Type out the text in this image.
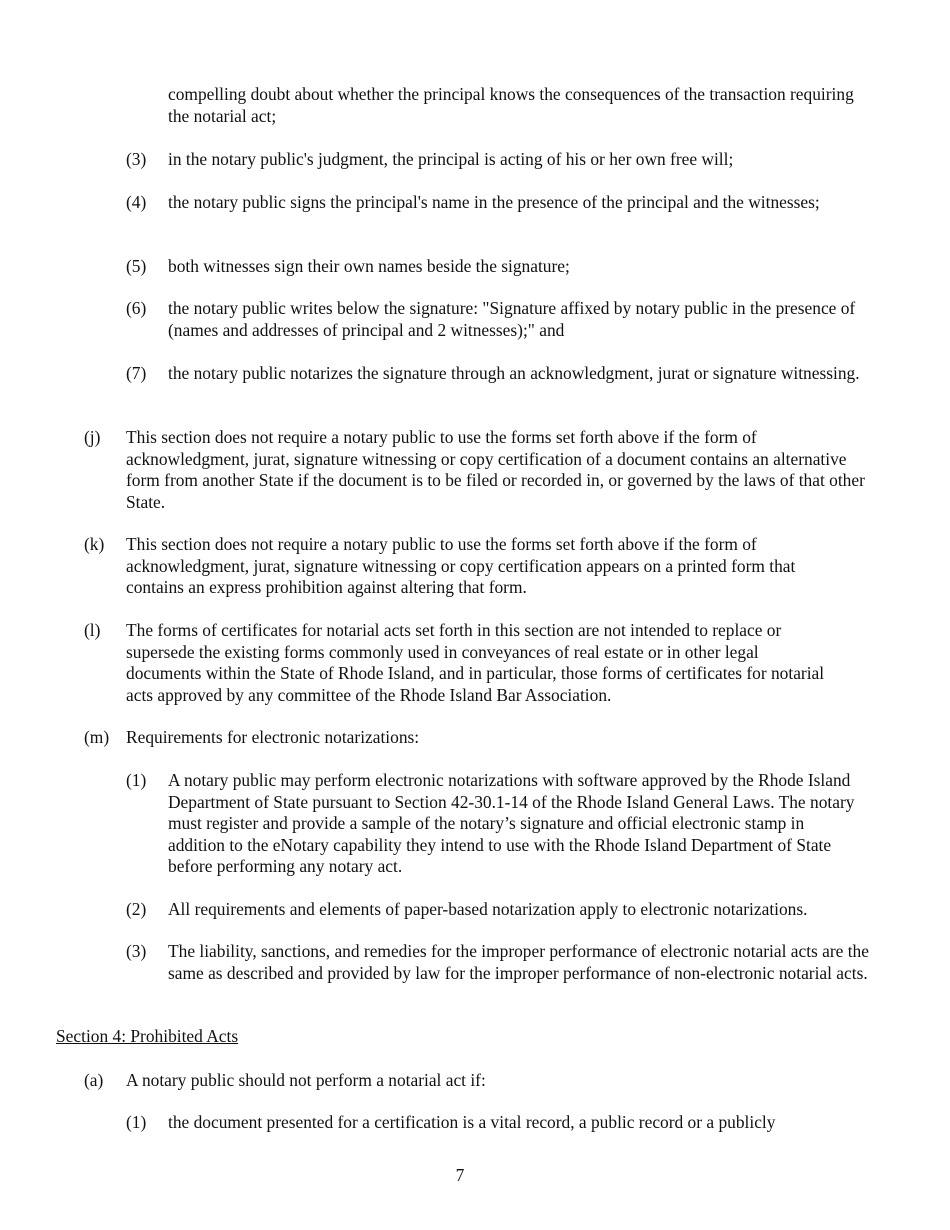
compelling doubt about whether the principal knows the consequences of the transaction requiring the notarial act;

(3) in the notary public's judgment, the principal is acting of his or her own free will;

(4) the notary public signs the principal's name in the presence of the principal and the witnesses;

(5) both witnesses sign their own names beside the signature;

(6) the notary public writes below the signature: "Signature affixed by notary public in the presence of (names and addresses of principal and 2 witnesses);" and

(7) the notary public notarizes the signature through an acknowledgment, jurat or signature witnessing.

(j) This section does not require a notary public to use the forms set forth above if the form of acknowledgment, jurat, signature witnessing or copy certification of a document contains an alternative form from another State if the document is to be filed or recorded in, or governed by the laws of that other State.

(k) This section does not require a notary public to use the forms set forth above if the form of acknowledgment, jurat, signature witnessing or copy certification appears on a printed form that contains an express prohibition against altering that form.

(l) The forms of certificates for notarial acts set forth in this section are not intended to replace or supersede the existing forms commonly used in conveyances of real estate or in other legal documents within the State of Rhode Island, and in particular, those forms of certificates for notarial acts approved by any committee of the Rhode Island Bar Association.

(m) Requirements for electronic notarizations:

(1) A notary public may perform electronic notarizations with software approved by the Rhode Island Department of State pursuant to Section 42-30.1-14 of the Rhode Island General Laws. The notary must register and provide a sample of the notary’s signature and official electronic stamp in addition to the eNotary capability they intend to use with the Rhode Island Department of State before performing any notary act.

(2) All requirements and elements of paper-based notarization apply to electronic notarizations.

(3) The liability, sanctions, and remedies for the improper performance of electronic notarial acts are the same as described and provided by law for the improper performance of non-electronic notarial acts.

Section 4: Prohibited Acts

(a) A notary public should not perform a notarial act if:

(1) the document presented for a certification is a vital record, a public record or a publicly

7
